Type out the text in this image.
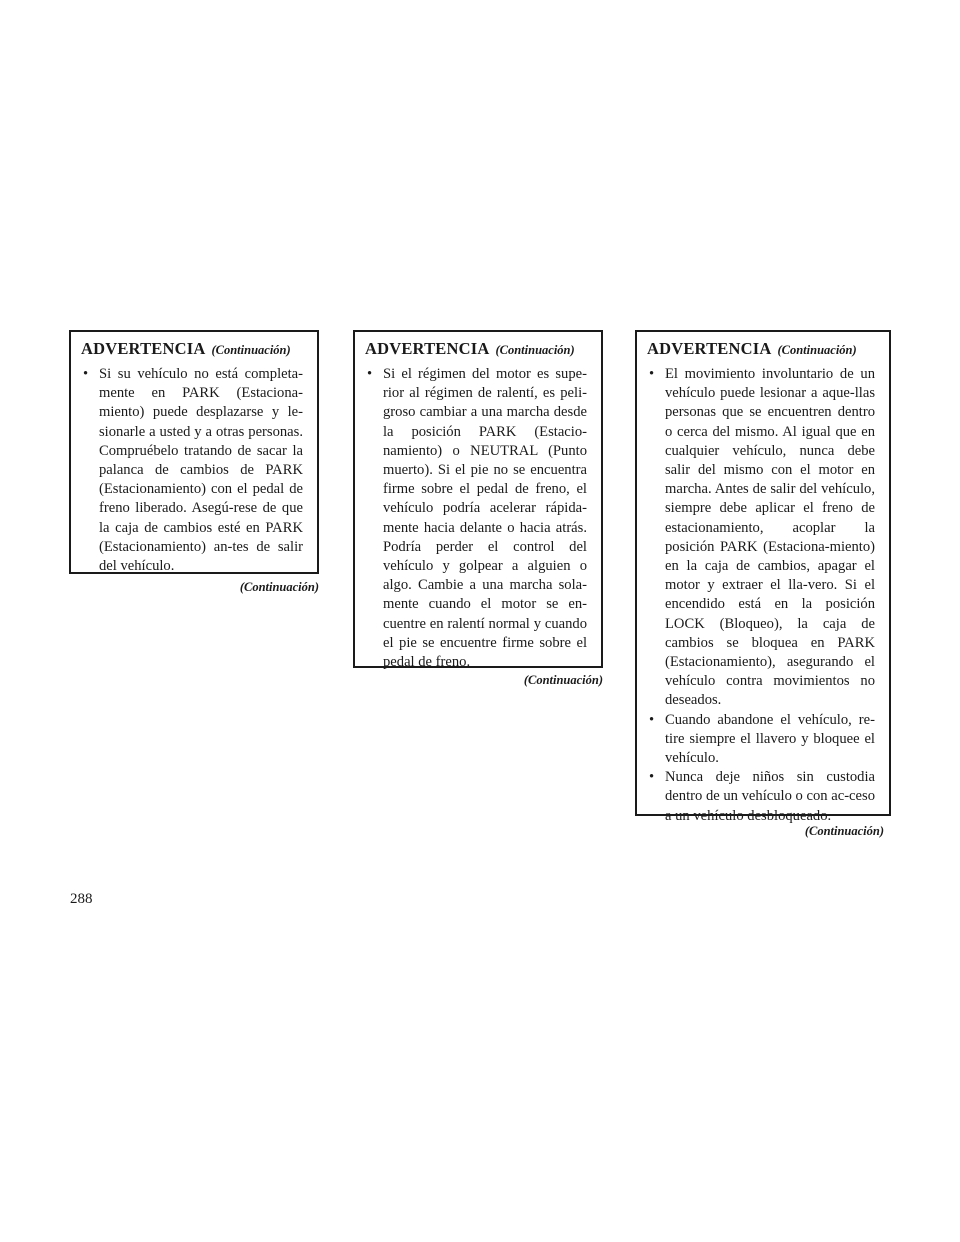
ADVERTENCIA (Continuación)
• Si su vehículo no está completa-mente en PARK (Estaciona-miento) puede desplazarse y le-sionarle a usted y a otras personas. Compruébelo tratando de sacar la palanca de cambios de PARK (Estacionamiento) con el pedal de freno liberado. Asegú-rese de que la caja de cambios esté en PARK (Estacionamiento) an-tes de salir del vehículo.
(Continuación)
ADVERTENCIA (Continuación)
• Si el régimen del motor es supe-rior al régimen de ralentí, es peli-groso cambiar a una marcha desde la posición PARK (Estacio-namiento) o NEUTRAL (Punto muerto). Si el pie no se encuentra firme sobre el pedal de freno, el vehículo podría acelerar rápida-mente hacia delante o hacia atrás. Podría perder el control del vehículo y golpear a alguien o algo. Cambie a una marcha sola-mente cuando el motor se en-cuentre en ralentí normal y cuando el pie se encuentre firme sobre el pedal de freno.
(Continuación)
ADVERTENCIA (Continuación)
• El movimiento involuntario de un vehículo puede lesionar a aque-llas personas que se encuentren dentro o cerca del mismo. Al igual que en cualquier vehículo, nunca debe salir del mismo con el motor en marcha. Antes de salir del vehículo, siempre debe aplicar el freno de estacionamiento, acoplar la posición PARK (Estaciona-miento) en la caja de cambios, apagar el motor y extraer el lla-vero. Si el encendido está en la posición LOCK (Bloqueo), la caja de cambios se bloquea en PARK (Estacionamiento), asegurando el vehículo contra movimientos no deseados.
• Cuando abandone el vehículo, re-tire siempre el llavero y bloquee el vehículo.
• Nunca deje niños sin custodia dentro de un vehículo o con ac-ceso a un vehículo desbloqueado.
(Continuación)
288
